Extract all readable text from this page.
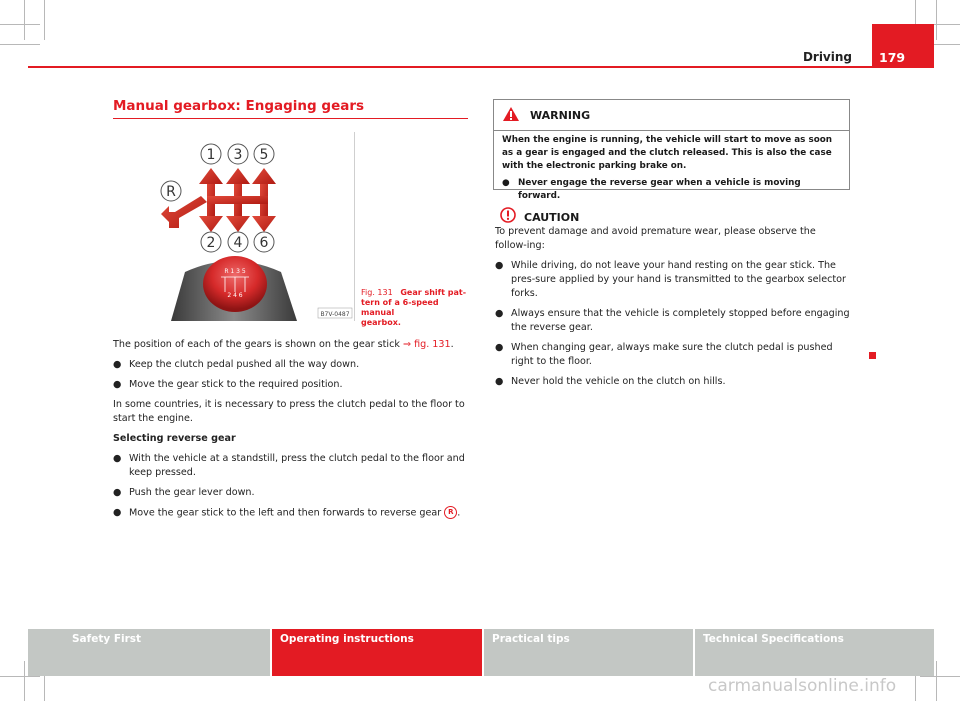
Driving	179
Manual gearbox: Engaging gears
R 1 3 5
2 4 6
1 3 5
2 4 6
R
B7V-0487
Fig. 131 Gear shift pat-
tern of a 6-speed manual
gearbox.

The position of each of the gears is shown on the gear stick ⇒ fig. 131.

● Keep the clutch pedal pushed all the way down.
● Move the gear stick to the required position.

In some countries, it is necessary to press the clutch pedal to the floor to start the engine.

Selecting reverse gear

● With the vehicle at a standstill, press the clutch pedal to the floor and keep pressed.
● Push the gear lever down.
● Move the gear stick to the left and then forwards to reverse gear R .
WARNING
When the engine is running, the vehicle will start to move as soon as a gear is engaged and the clutch released. This is also the case with the electronic parking brake on.
● Never engage the reverse gear when a vehicle is moving forward.
CAUTION

To prevent damage and avoid premature wear, please observe the follow-ing:

● While driving, do not leave your hand resting on the gear stick. The pres-sure applied by your hand is transmitted to the gearbox selector forks.
● Always ensure that the vehicle is completely stopped before engaging the reverse gear.
● When changing gear, always make sure the clutch pedal is pushed right to the floor.
● Never hold the vehicle on the clutch on hills.
Safety First	Operating instructions	Practical tips	Technical Specifications
carmanualsonline.info
